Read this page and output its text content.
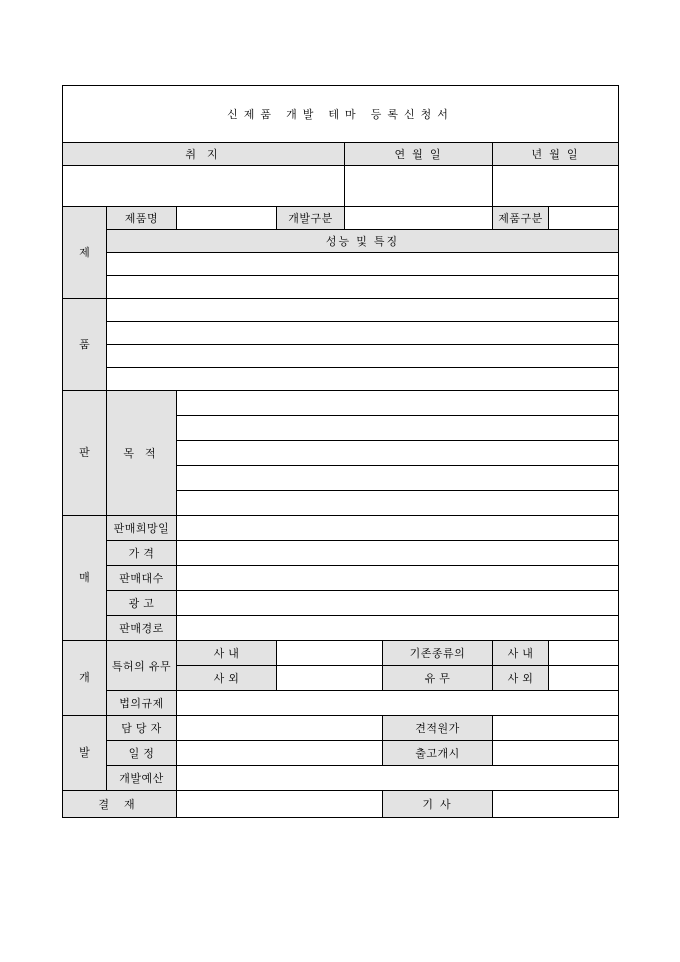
신제품 개발 테마 등록신청서							
취 지				연 월 일		년 월 일	

제	제품명		개발구분			제품구분	
	성능 및 특징						

품							

판	목 적						

매	판매희망일						
	가 격						
	판매대수						
	광 고						
	판매경로						
개	특허의 유무	사 내			기존종류의	사 내	
		사 외			유 무	사 외	
	법의규제						
발	담 당 자				견적원가		
	일 정				출고개시		
	개발예산						
결 재					기 사		
